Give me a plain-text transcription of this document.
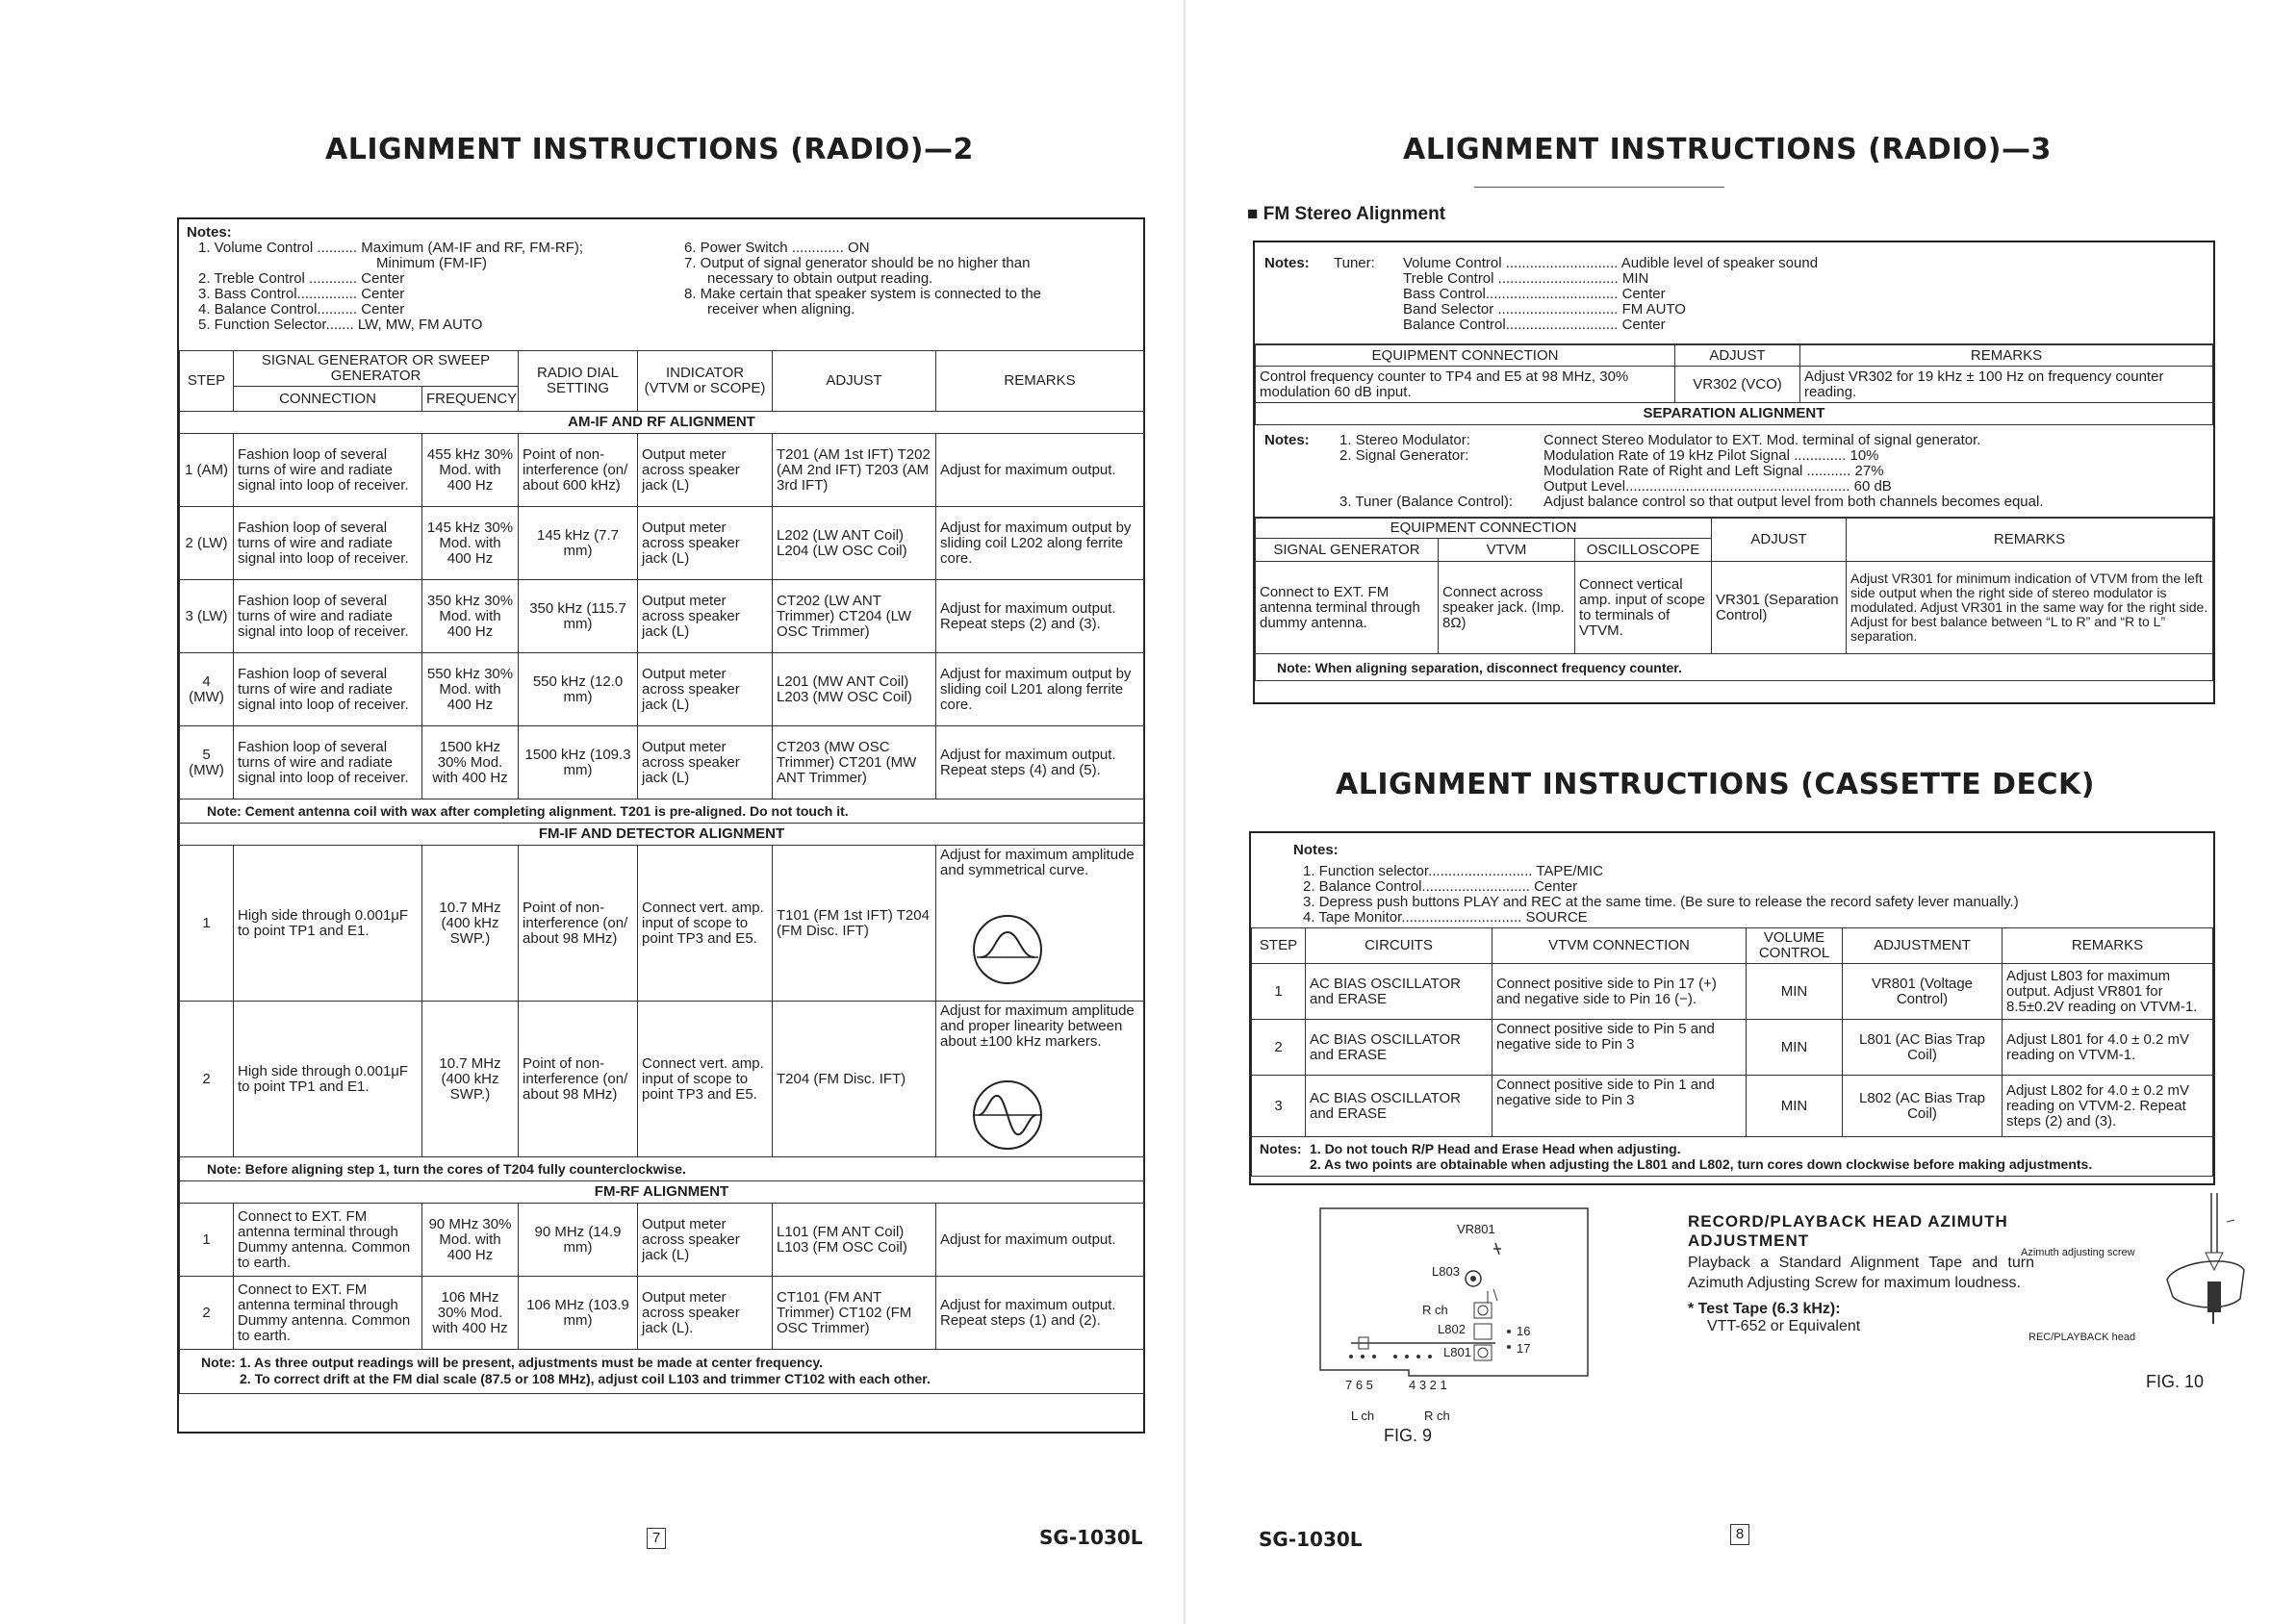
ALIGNMENT INSTRUCTIONS (RADIO)—2
Notes:
1. Volume Control .......... Maximum (AM-IF and RF, FM-RF);
Minimum (FM-IF)
2. Treble Control ............ Center
3. Bass Control............... Center
4. Balance Control.......... Center
5. Function Selector....... LW, MW, FM AUTO
6. Power Switch ............. ON
7. Output of signal generator should be no higher than
necessary to obtain output reading.
8. Make certain that speaker system is connected to the
receiver when aligning.
STEP	SIGNAL GENERATOR OR SWEEP GENERATOR		RADIO DIAL SETTING	INDICATOR (VTVM or SCOPE)	ADJUST	REMARKS
	CONNECTION	FREQUENCY				
AM-IF AND RF ALIGNMENT						
1 (AM)	Fashion loop of several turns of wire and radiate signal into loop of receiver.	455 kHz 30% Mod. with 400 Hz	Point of non-interference (on/ about 600 kHz)	Output meter across speaker jack (L)	T201 (AM 1st IFT) T202 (AM 2nd IFT) T203 (AM 3rd IFT)	Adjust for maximum output.
2 (LW)	Fashion loop of several turns of wire and radiate signal into loop of receiver.	145 kHz 30% Mod. with 400 Hz	145 kHz (7.7 mm)	Output meter across speaker jack (L)	L202 (LW ANT Coil) L204 (LW OSC Coil)	Adjust for maximum output by sliding coil L202 along ferrite core.
3 (LW)	Fashion loop of several turns of wire and radiate signal into loop of receiver.	350 kHz 30% Mod. with 400 Hz	350 kHz (115.7 mm)	Output meter across speaker jack (L)	CT202 (LW ANT Trimmer) CT204 (LW OSC Trimmer)	Adjust for maximum output. Repeat steps (2) and (3).
4 (MW)	Fashion loop of several turns of wire and radiate signal into loop of receiver.	550 kHz 30% Mod. with 400 Hz	550 kHz (12.0 mm)	Output meter across speaker jack (L)	L201 (MW ANT Coil) L203 (MW OSC Coil)	Adjust for maximum output by sliding coil L201 along ferrite core.
5 (MW)	Fashion loop of several turns of wire and radiate signal into loop of receiver.	1500 kHz 30% Mod. with 400 Hz	1500 kHz (109.3 mm)	Output meter across speaker jack (L)	CT203 (MW OSC Trimmer) CT201 (MW ANT Trimmer)	Adjust for maximum output. Repeat steps (4) and (5).
Note: Cement antenna coil with wax after completing alignment. T201 is pre-aligned. Do not touch it.						
FM-IF AND DETECTOR ALIGNMENT						
1	High side through 0.001μF to point TP1 and E1.	10.7 MHz (400 kHz SWP.)	Point of non-interference (on/ about 98 MHz)	Connect vert. amp. input of scope to point TP3 and E5.	T101 (FM 1st IFT) T204 (FM Disc. IFT)	Adjust for maximum amplitude and symmetrical curve.

2	High side through 0.001μF to point TP1 and E1.	10.7 MHz (400 kHz SWP.)	Point of non-interference (on/ about 98 MHz)	Connect vert. amp. input of scope to point TP3 and E5.	T204 (FM Disc. IFT)	Adjust for maximum amplitude and proper linearity between about ±100 kHz markers.

Note: Before aligning step 1, turn the cores of T204 fully counterclockwise.						
FM-RF ALIGNMENT						
1	Connect to EXT. FM antenna terminal through Dummy antenna. Common to earth.	90 MHz 30% Mod. with 400 Hz	90 MHz (14.9 mm)	Output meter across speaker jack (L)	L101 (FM ANT Coil) L103 (FM OSC Coil)	Adjust for maximum output.
2	Connect to EXT. FM antenna terminal through Dummy antenna. Common to earth.	106 MHz 30% Mod. with 400 Hz	106 MHz (103.9 mm)	Output meter across speaker jack (L).	CT101 (FM ANT Trimmer) CT102 (FM OSC Trimmer)	Adjust for maximum output. Repeat steps (1) and (2).

Note: 1. As three output readings will be present, adjustments must be made at center frequency.
2. To correct drift at the FM dial scale (87.5 or 108 MHz), adjust coil L103 and trimmer CT102 with each other.						
7	SG-1030L
ALIGNMENT INSTRUCTIONS (RADIO)—3
■ FM Stereo Alignment
Notes: Tuner: Volume Control ............................ Audible level of speaker sound
Treble Control .............................. MIN
Bass Control................................. Center
Band Selector .............................. FM AUTO
Balance Control............................ Center
EQUIPMENT CONNECTION	ADJUST	REMARKS
Control frequency counter to TP4 and E5 at 98 MHz, 30% modulation 60 dB input.	VR302 (VCO)	Adjust VR302 for 19 kHz ± 100 Hz on frequency counter reading.
SEPARATION ALIGNMENT		
Notes: 1. Stereo Modulator:	Connect Stereo Modulator to EXT. Mod. terminal of signal generator.
2. Signal Generator:	Modulation Rate of 19 kHz Pilot Signal ............. 10%
Modulation Rate of Right and Left Signal ........... 27%
Output Level........................................................ 60 dB
3. Tuner (Balance Control):	Adjust balance control so that output level from both channels becomes equal.
EQUIPMENT CONNECTION			ADJUST	REMARKS
SIGNAL GENERATOR	VTVM	OSCILLOSCOPE		
Connect to EXT. FM antenna terminal through dummy antenna.	Connect across speaker jack. (Imp. 8Ω)	Connect vertical amp. input of scope to terminals of VTVM.	VR301 (Separation Control)	Adjust VR301 for minimum indication of VTVM from the left side output when the right side of stereo modulator is modulated. Adjust VR301 in the same way for the right side. Adjust for best balance between “L to R” and “R to L” separation.
Note: When aligning separation, disconnect frequency counter.				
ALIGNMENT INSTRUCTIONS (CASSETTE DECK)
Notes:
1. Function selector.......................... TAPE/MIC
2. Balance Control........................... Center
3. Depress push buttons PLAY and REC at the same time. (Be sure to release the record safety lever manually.)
4. Tape Monitor.............................. SOURCE
STEP	CIRCUITS	VTVM CONNECTION	VOLUME CONTROL	ADJUSTMENT	REMARKS
1	AC BIAS OSCILLATOR and ERASE	Connect positive side to Pin 17 (+) and negative side to Pin 16 (−).	MIN	VR801 (Voltage Control)	Adjust L803 for maximum output. Adjust VR801 for 8.5±0.2V reading on VTVM-1.
2	AC BIAS OSCILLATOR and ERASE	Connect positive side to Pin 5 and negative side to Pin 3	MIN	L801 (AC Bias Trap Coil)	Adjust L801 for 4.0 ± 0.2 mV reading on VTVM-1.
3	AC BIAS OSCILLATOR and ERASE	Connect positive side to Pin 1 and negative side to Pin 3	MIN	L802 (AC Bias Trap Coil)	Adjust L802 for 4.0 ± 0.2 mV reading on VTVM-2. Repeat steps (2) and (3).

Notes: 1. Do not touch R/P Head and Erase Head when adjusting.
2. As two points are obtainable when adjusting the L801 and L802, turn cores down clockwise before making adjustments.					
VR801
L803
R ch
L802
L801
16
17
7 6 5	4 3 2 1
L ch	R ch
FIG. 9
RECORD/PLAYBACK HEAD AZIMUTH ADJUSTMENT
Playback a Standard Alignment Tape and turn Azimuth Adjusting Screw for maximum loudness.
* Test Tape (6.3 kHz):
VTT-652 or Equivalent
Azimuth adjusting screw
REC/PLAYBACK head
FIG. 10
SG-1030L	8
